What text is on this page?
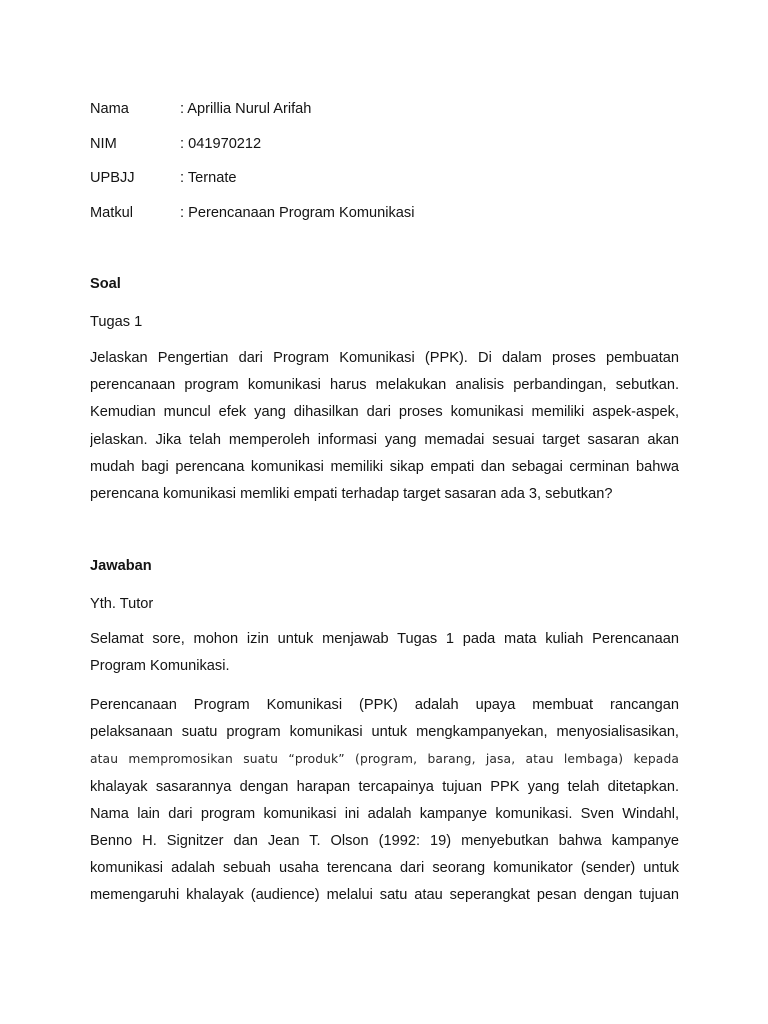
Nama	: Aprillia Nurul Arifah
NIM	: 041970212
UPBJJ	: Ternate
Matkul	: Perencanaan Program Komunikasi
Soal
Tugas 1
Jelaskan Pengertian dari Program Komunikasi (PPK). Di dalam proses pembuatan
perencanaan program komunikasi harus melakukan analisis perbandingan, sebutkan.
Kemudian muncul efek yang dihasilkan dari proses komunikasi memiliki aspek-aspek,
jelaskan. Jika telah memperoleh informasi yang memadai sesuai target sasaran akan
mudah bagi perencana komunikasi memiliki sikap empati dan sebagai cerminan bahwa
perencana komunikasi memliki empati terhadap target sasaran ada 3, sebutkan?
Jawaban
Yth. Tutor
Selamat sore, mohon izin untuk menjawab Tugas 1 pada mata kuliah Perencanaan
Program Komunikasi.
Perencanaan Program Komunikasi (PPK) adalah upaya membuat rancangan
pelaksanaan suatu program komunikasi untuk mengkampanyekan, menyosialisasikan,
atau mempromosikan suatu “produk” (program, barang, jasa, atau lembaga) kepada
khalayak sasarannya dengan harapan tercapainya tujuan PPK yang telah ditetapkan.
Nama lain dari program komunikasi ini adalah kampanye komunikasi. Sven Windahl,
Benno H. Signitzer dan Jean T. Olson (1992: 19) menyebutkan bahwa kampanye
komunikasi adalah sebuah usaha terencana dari seorang komunikator (sender) untuk
memengaruhi khalayak (audience) melalui satu atau seperangkat pesan dengan tujuan
